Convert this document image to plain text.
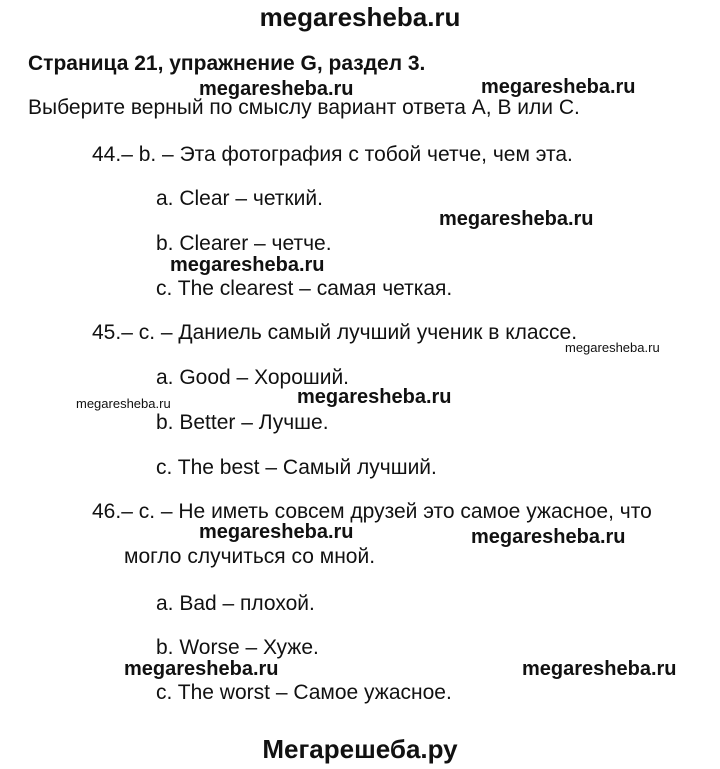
megaresheba.ru
Страница 21, упражнение G, раздел 3.
Выберите верный по смыслу вариант ответа A, B или C.
44.– b. – Эта фотография с тобой четче, чем эта.
a. Clear – четкий.
b. Clearer – четче.
c. The clearest – самая четкая.
45.– c. – Даниель самый лучший ученик в классе.
a. Good – Хороший.
b. Better – Лучше.
c. The best – Самый лучший.
46.– c. – Не иметь совсем друзей это самое ужасное, что
могло случиться со мной.
a. Bad – плохой.
b. Worse – Хуже.
c. The worst – Самое ужасное.
megaresheba.ru	megaresheba.ru
megaresheba.ru
megaresheba.ru
megaresheba.ru
megaresheba.ru
megaresheba.ru
megaresheba.ru	megaresheba.ru
megaresheba.ru	megaresheba.ru
Мегарешеба.ру
